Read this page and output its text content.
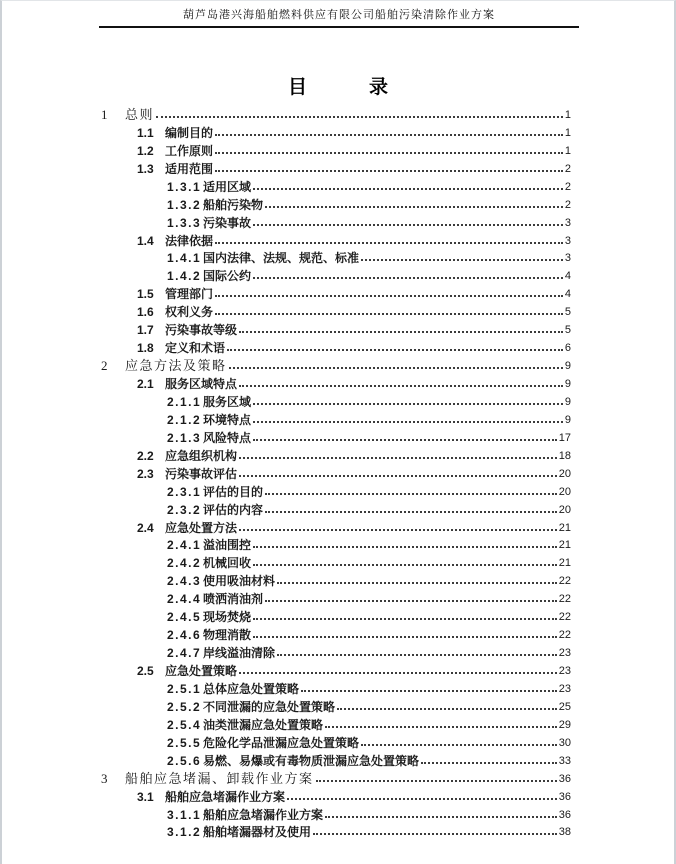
葫芦岛港兴海船舶燃料供应有限公司船舶污染清除作业方案
目	录
1	总则	1
1.1 编制目的	1
1.2 工作原则	1
1.3 适用范围	2
1.3.1 适用区域	2
1.3.2 船舶污染物	2
1.3.3 污染事故	3
1.4 法律依据	3
1.4.1 国内法律、法规、规范、标准	3
1.4.2 国际公约	4
1.5 管理部门	4
1.6 权利义务	5
1.7 污染事故等级	5
1.8 定义和术语	6
2	应急方法及策略	9
2.1 服务区域特点	9
2.1.1 服务区域	9
2.1.2 环境特点	9
2.1.3 风险特点	17
2.2 应急组织机构	18
2.3 污染事故评估	20
2.3.1 评估的目的	20
2.3.2 评估的内容	20
2.4 应急处置方法	21
2.4.1 溢油围控	21
2.4.2 机械回收	21
2.4.3 使用吸油材料	22
2.4.4 喷洒消油剂	22
2.4.5 现场焚烧	22
2.4.6 物理消散	22
2.4.7 岸线溢油清除	23
2.5 应急处置策略	23
2.5.1 总体应急处置策略	23
2.5.2 不同泄漏的应急处置策略	25
2.5.4 油类泄漏应急处置策略	29
2.5.5 危险化学品泄漏应急处置策略	30
2.5.6 易燃、易爆或有毒物质泄漏应急处置策略	33
3	船舶应急堵漏、卸载作业方案	36
3.1 船舶应急堵漏作业方案	36
3.1.1 船舶应急堵漏作业方案	36
3.1.2 船舶堵漏器材及使用	38
